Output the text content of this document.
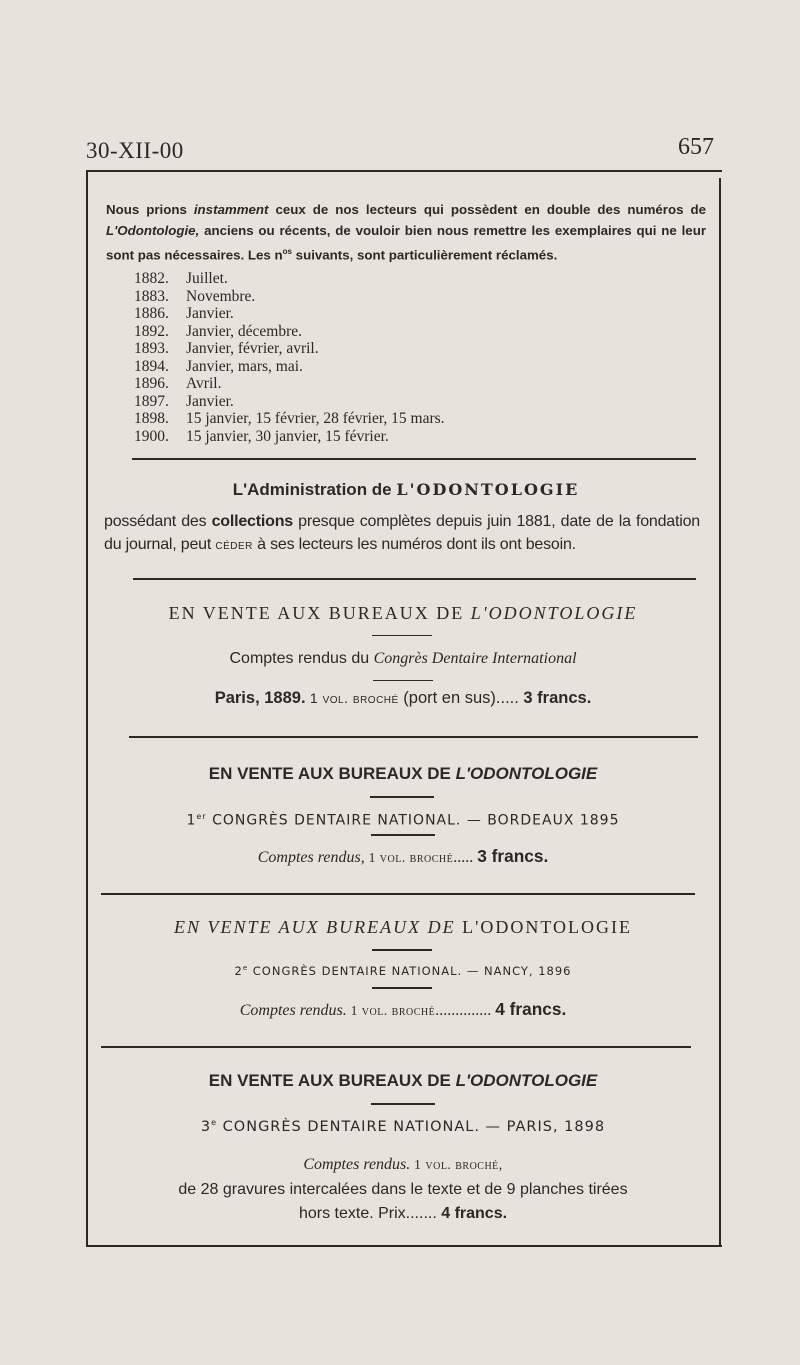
30-XII-00	657
Nous prions instamment ceux de nos lecteurs qui possèdent en double des numéros de L'Odontologie, anciens ou récents, de vouloir bien nous remettre les exemplaires qui ne leur sont pas nécessaires. Les $n^{os}$ suivants, sont particulièrement réclamés.
1882.	Juillet.
1883.	Novembre.
1886.	Janvier.
1892.	Janvier, décembre.
1893.	Janvier, février, avril.
1894.	Janvier, mars, mai.
1896.	Avril.
1897.	Janvier.
1898.	15 janvier, 15 février, 28 février, 15 mars.
1900.	15 janvier, 30 janvier, 15 février.
L'Administration de L'ODONTOLOGIE
possédant des collections presque complètes depuis juin 1881, date de la fondation du journal, peut céder à ses lecteurs les numéros dont ils ont besoin.
EN VENTE AUX BUREAUX DE L'ODONTOLOGIE
Comptes rendus du Congrès Dentaire International
Paris, 1889. 1 vol. broché (port en sus)..... 3 francs.
EN VENTE AUX BUREAUX DE L'ODONTOLOGIE
1er CONGRÈS DENTAIRE NATIONAL. — BORDEAUX 1895
Comptes rendus, 1 vol. broché..... 3 francs.
EN VENTE AUX BUREAUX DE L'ODONTOLOGIE
2e CONGRÈS DENTAIRE NATIONAL. — NANCY, 1896
Comptes rendus. 1 vol. broché.............. 4 francs.
EN VENTE AUX BUREAUX DE L'ODONTOLOGIE
3e CONGRÈS DENTAIRE NATIONAL. — PARIS, 1898
Comptes rendus. 1 vol. broché,
de 28 gravures intercalées dans le texte et de 9 planches tirées
hors texte. Prix....... 4 francs.
